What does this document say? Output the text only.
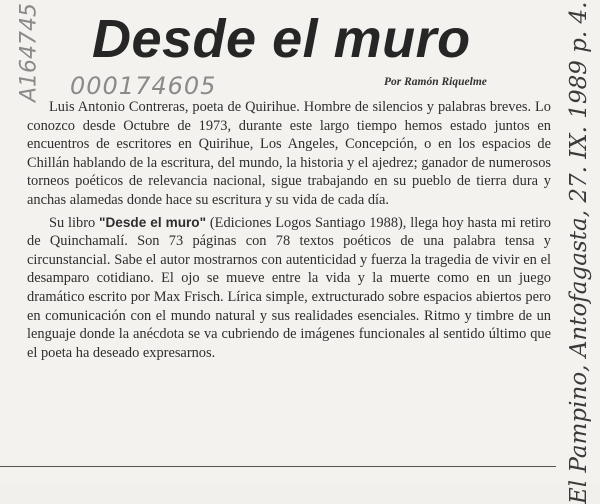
A164745 Desde el muro
000174605	Por Ramón Riquelme

Luis Antonio Contreras, poeta de Quirihue. Hombre de silencios y palabras breves. Lo conozco desde Octubre de 1973, durante este largo tiempo hemos estado juntos en encuentros de escritores en Quirihue, Los Angeles, Concepción, o en los espacios de Chillán hablando de la escritura, del mundo, la historia y el ajedrez; ganador de numerosos torneos poéticos de relevancia nacional, sigue trabajando en su pueblo de tierra dura y anchas alamedas donde hace su escritura y su vida de cada día.

Su libro "Desde el muro" (Ediciones Logos Santiago 1988), llega hoy hasta mi retiro de Quinchamalí. Son 73 páginas con 78 textos poéticos de una palabra tensa y circunstancial. Sabe el autor mostrarnos con autenticidad y fuerza la tragedia de vivir en el desamparo cotidiano. El ojo se mueve entre la vida y la muerte como en un juego dramático escrito por Max Frisch. Lírica simple, extructurado sobre espacios abiertos pero en comunicación con el mundo natural y sus realidades esenciales. Ritmo y timbre de un lenguaje donde la anécdota se va cubriendo de imágenes funcionales al sentido último que el poeta ha deseado expresarnos.	El Pampino, Antofagasta, 27. IX. 1989 p. 4.
